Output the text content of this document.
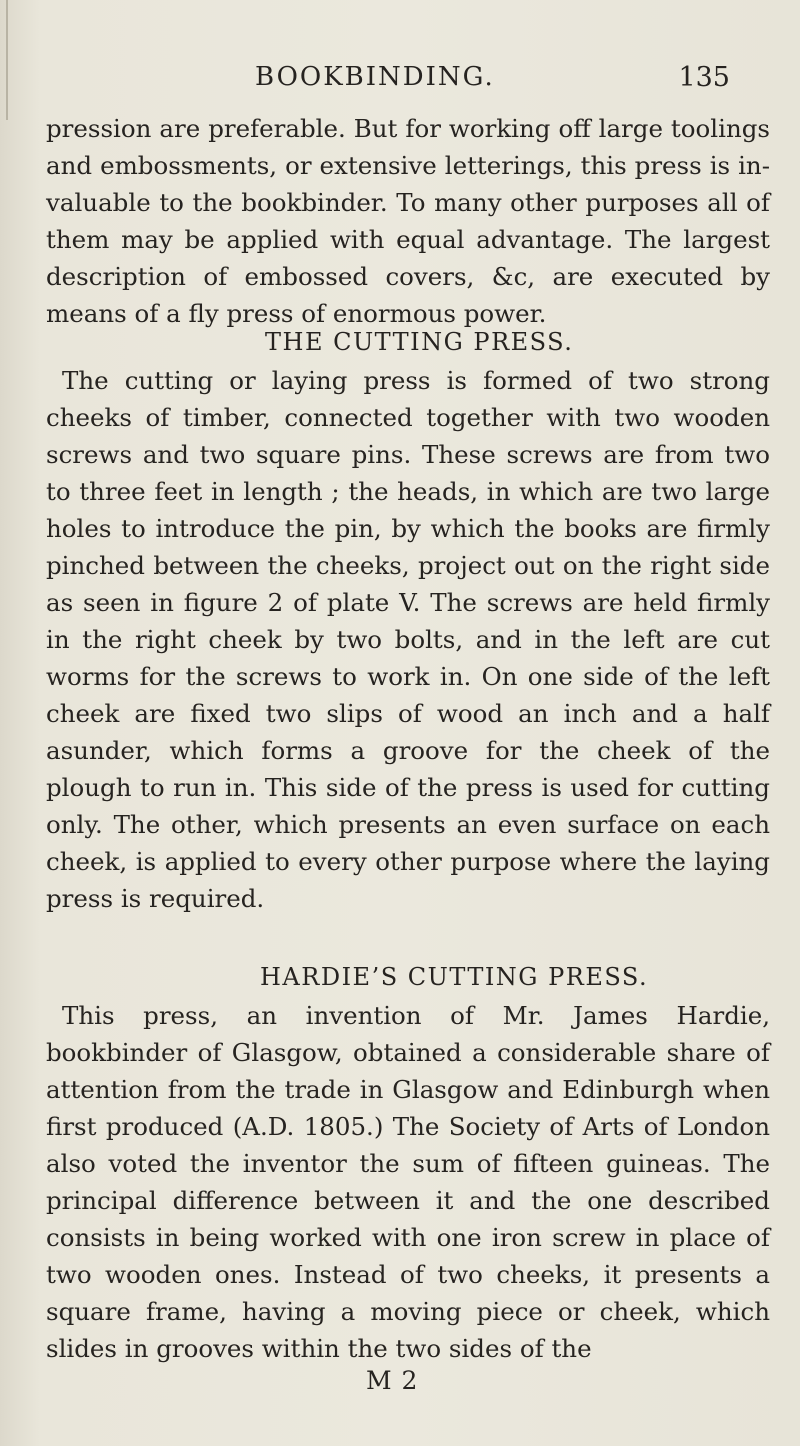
BOOKBINDING.	135

pression are preferable. But for working off large toolings and embossments, or extensive letterings, this press is in-valuable to the bookbinder. To many other purposes all of them may be applied with equal advantage. The largest description of embossed covers, &c, are executed by means of a fly press of enormous power.

THE CUTTING PRESS.

The cutting or laying press is formed of two strong cheeks of timber, connected together with two wooden screws and two square pins. These screws are from two to three feet in length ; the heads, in which are two large holes to introduce the pin, by which the books are firmly pinched between the cheeks, project out on the right side as seen in figure 2 of plate V. The screws are held firmly in the right cheek by two bolts, and in the left are cut worms for the screws to work in. On one side of the left cheek are fixed two slips of wood an inch and a half asunder, which forms a groove for the cheek of the plough to run in. This side of the press is used for cutting only. The other, which presents an even surface on each cheek, is applied to every other purpose where the laying press is required.

HARDIE’S CUTTING PRESS.

This press, an invention of Mr. James Hardie, bookbinder of Glasgow, obtained a considerable share of attention from the trade in Glasgow and Edinburgh when first produced (A.D. 1805.) The Society of Arts of London also voted the inventor the sum of fifteen guineas. The principal difference between it and the one described consists in being worked with one iron screw in place of two wooden ones. Instead of two cheeks, it presents a square frame, having a moving piece or cheek, which slides in grooves within the two sides of the

M 2
